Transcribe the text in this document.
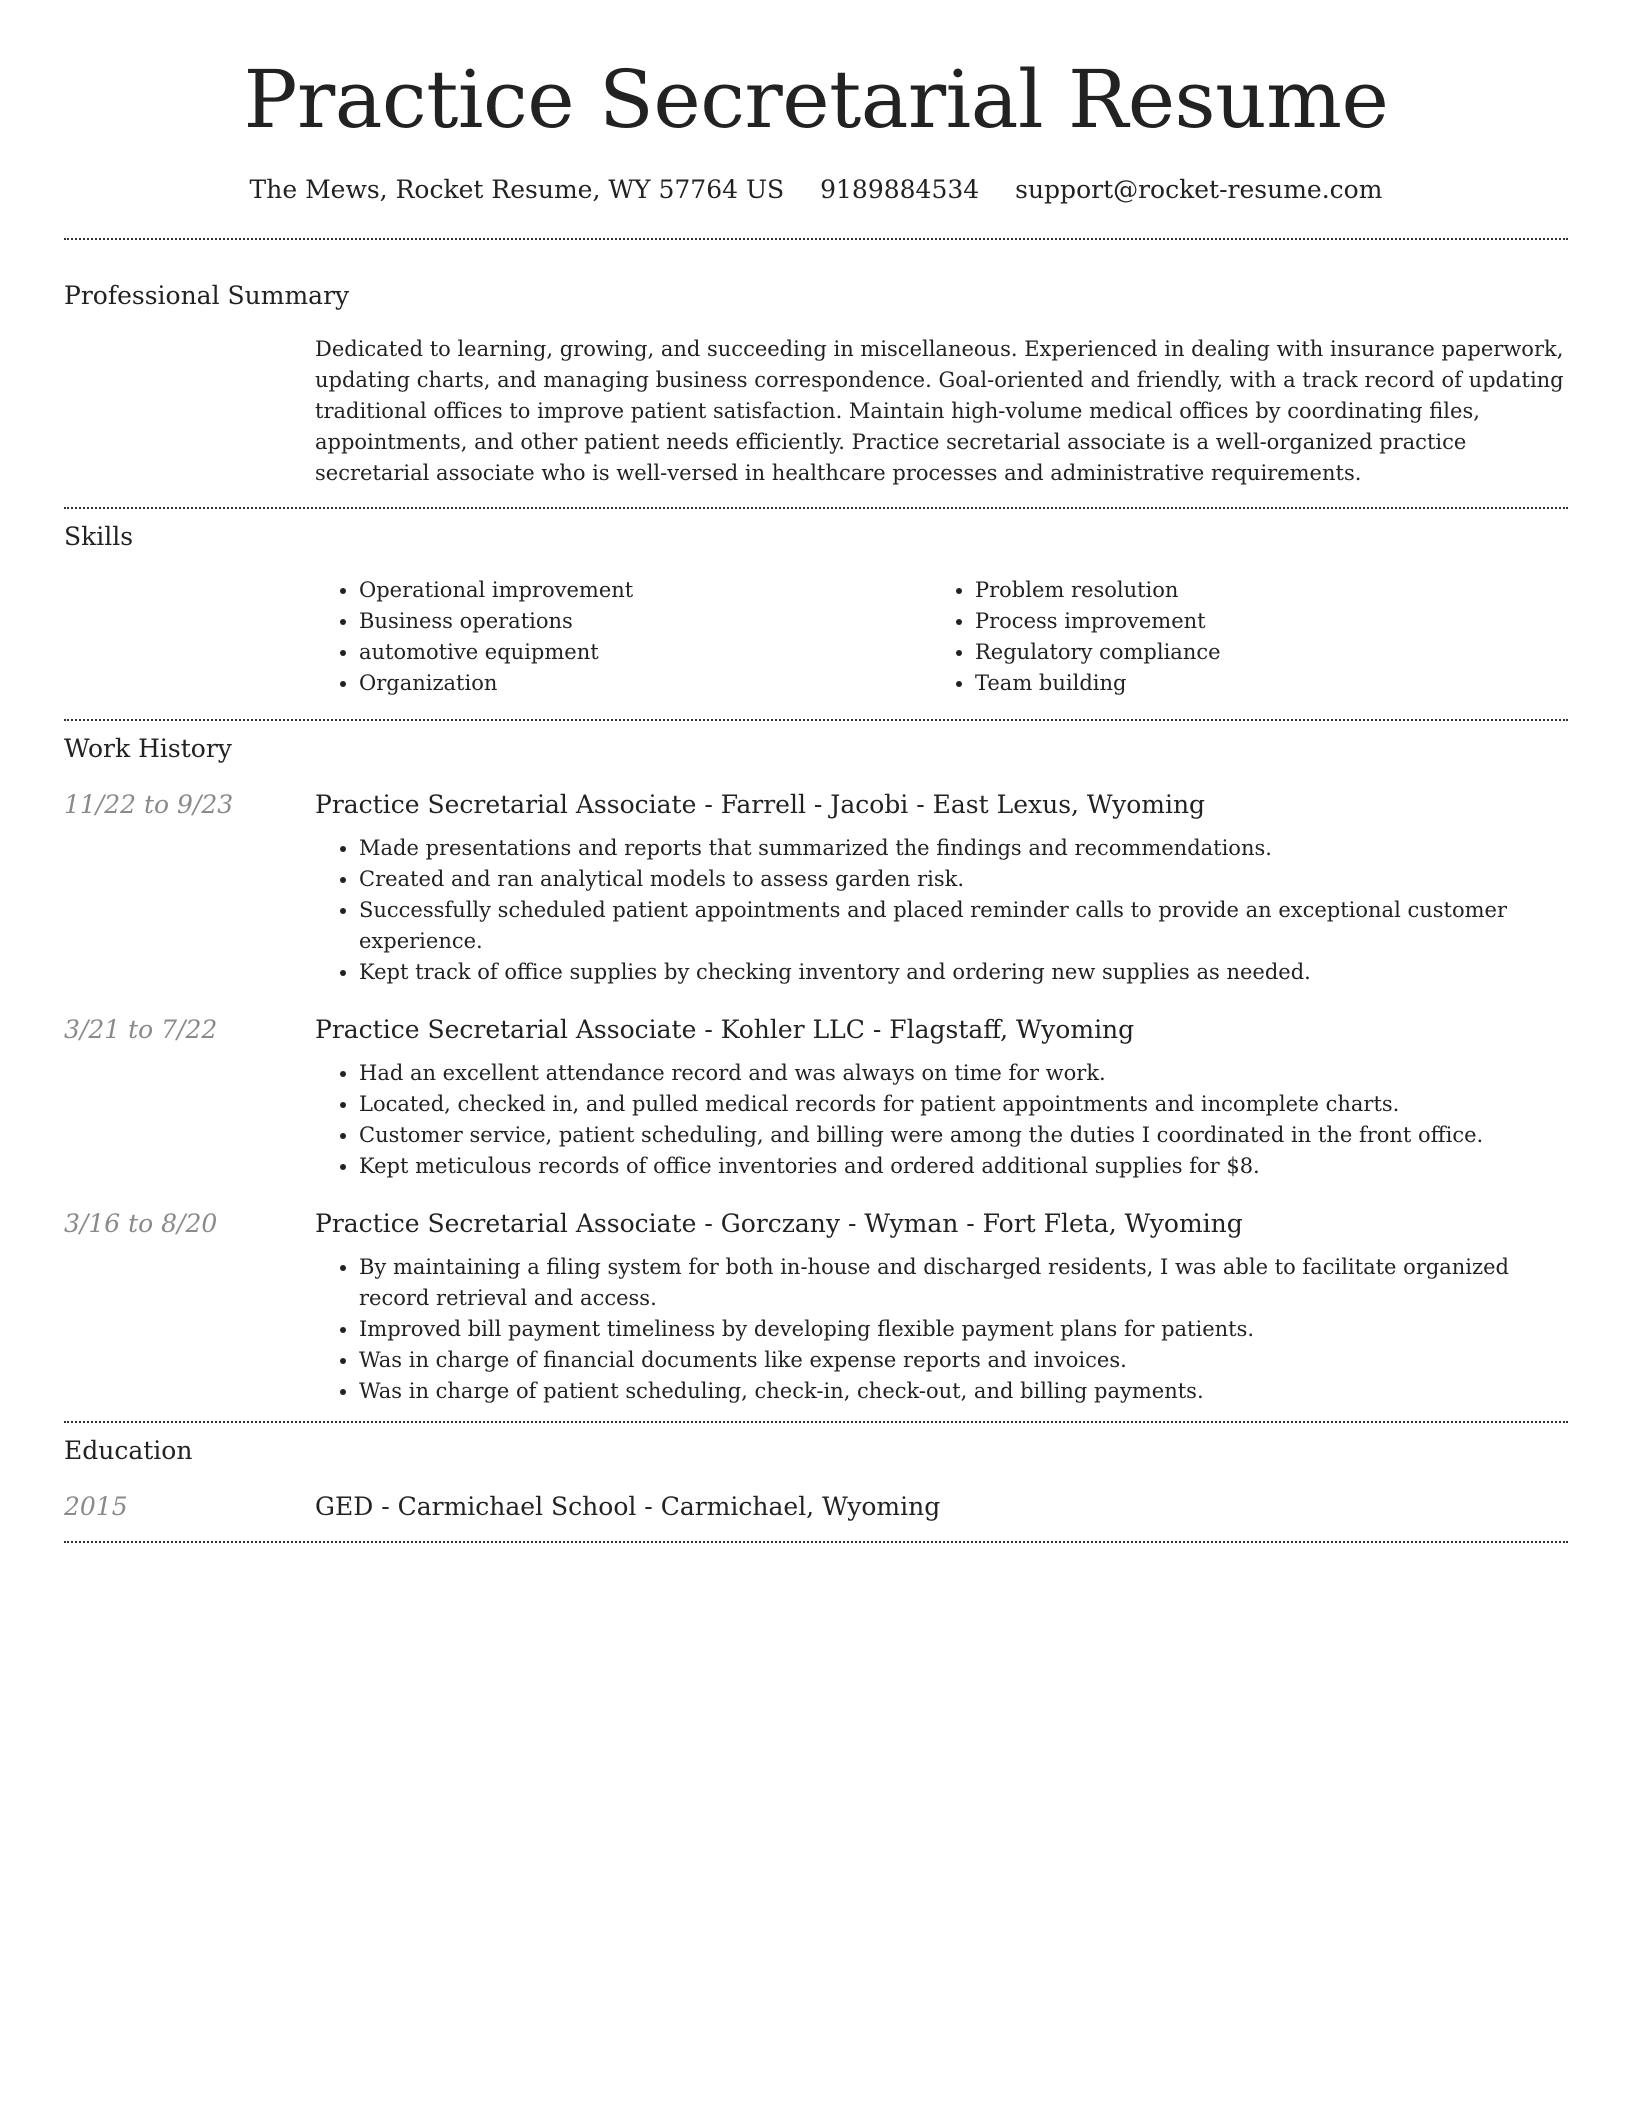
Practice Secretarial Resume
The Mews, Rocket Resume, WY 57764 US 9189884534 support@rocket-resume.com
Professional Summary

Dedicated to learning, growing, and succeeding in miscellaneous. Experienced in dealing with insurance paperwork, updating charts, and managing business correspondence. Goal-oriented and friendly, with a track record of updating traditional offices to improve patient satisfaction. Maintain high-volume medical offices by coordinating files, appointments, and other patient needs efficiently. Practice secretarial associate is a well-organized practice secretarial associate who is well-versed in healthcare processes and administrative requirements.

Skills
• Operational improvement
• Business operations
• automotive equipment
• Organization
• Problem resolution
• Process improvement
• Regulatory compliance
• Team building
Work History
11/22 to 9/23	Practice Secretarial Associate - Farrell - Jacobi - East Lexus, Wyoming
• Made presentations and reports that summarized the findings and recommendations.
• Created and ran analytical models to assess garden risk.
• Successfully scheduled patient appointments and placed reminder calls to provide an exceptional customer experience.
• Kept track of office supplies by checking inventory and ordering new supplies as needed.
3/21 to 7/22	Practice Secretarial Associate - Kohler LLC - Flagstaff, Wyoming
• Had an excellent attendance record and was always on time for work.
• Located, checked in, and pulled medical records for patient appointments and incomplete charts.
• Customer service, patient scheduling, and billing were among the duties I coordinated in the front office.
• Kept meticulous records of office inventories and ordered additional supplies for $8.
3/16 to 8/20	Practice Secretarial Associate - Gorczany - Wyman - Fort Fleta, Wyoming
• By maintaining a filing system for both in-house and discharged residents, I was able to facilitate organized record retrieval and access.
• Improved bill payment timeliness by developing flexible payment plans for patients.
• Was in charge of financial documents like expense reports and invoices.
• Was in charge of patient scheduling, check-in, check-out, and billing payments.
Education
2015	GED - Carmichael School - Carmichael, Wyoming
